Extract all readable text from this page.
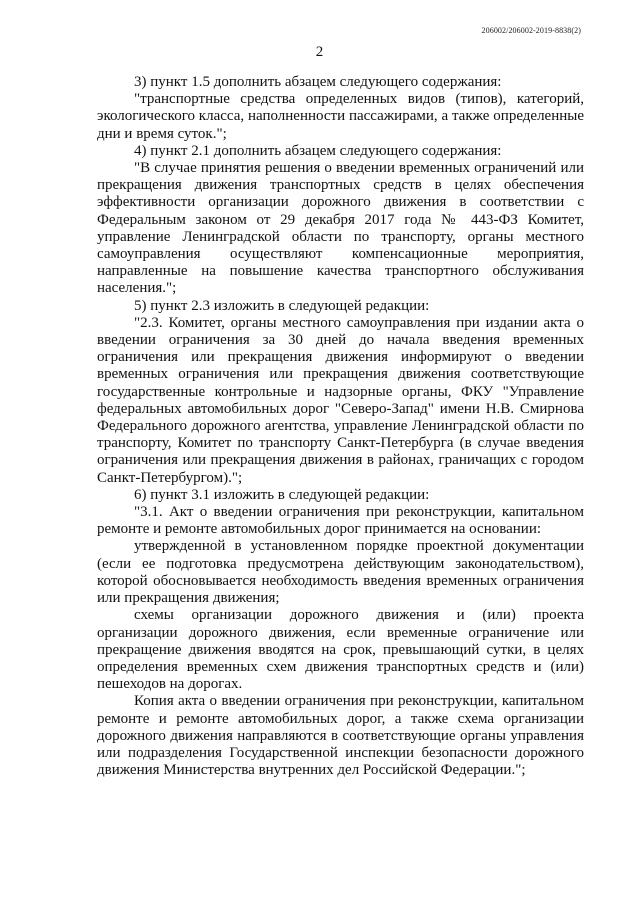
206002/206002-2019-8838(2)
2

3) пункт 1.5 дополнить абзацем следующего содержания:

"транспортные средства определенных видов (типов), категорий, экологического класса, наполненности пассажирами, а также определенные дни и время суток.";

4) пункт 2.1 дополнить абзацем следующего содержания:

"В случае принятия решения о введении временных ограничений или прекращения движения транспортных средств в целях обеспечения эффективности организации дорожного движения в соответствии с Федеральным законом от 29 декабря 2017 года № 443-ФЗ Комитет, управление Ленинградской области по транспорту, органы местного самоуправления осуществляют компенсационные мероприятия, направленные на повышение качества транспортного обслуживания населения.";

5) пункт 2.3 изложить в следующей редакции:

"2.3. Комитет, органы местного самоуправления при издании акта о введении ограничения за 30 дней до начала введения временных ограничения или прекращения движения информируют о введении временных ограничения или прекращения движения соответствующие государственные контрольные и надзорные органы, ФКУ "Управление федеральных автомобильных дорог "Северо-Запад" имени Н.В. Смирнова Федерального дорожного агентства, управление Ленинградской области по транспорту, Комитет по транспорту Санкт-Петербурга (в случае введения ограничения или прекращения движения в районах, граничащих с городом Санкт-Петербургом).";

6) пункт 3.1 изложить в следующей редакции:

"3.1. Акт о введении ограничения при реконструкции, капитальном ремонте и ремонте автомобильных дорог принимается на основании:

утвержденной в установленном порядке проектной документации (если ее подготовка предусмотрена действующим законодательством), которой обосновывается необходимость введения временных ограничения или прекращения движения;

схемы организации дорожного движения и (или) проекта организации дорожного движения, если временные ограничение или прекращение движения вводятся на срок, превышающий сутки, в целях определения временных схем движения транспортных средств и (или) пешеходов на дорогах.

Копия акта о введении ограничения при реконструкции, капитальном ремонте и ремонте автомобильных дорог, а также схема организации дорожного движения направляются в соответствующие органы управления или подразделения Государственной инспекции безопасности дорожного движения Министерства внутренних дел Российской Федерации.";
